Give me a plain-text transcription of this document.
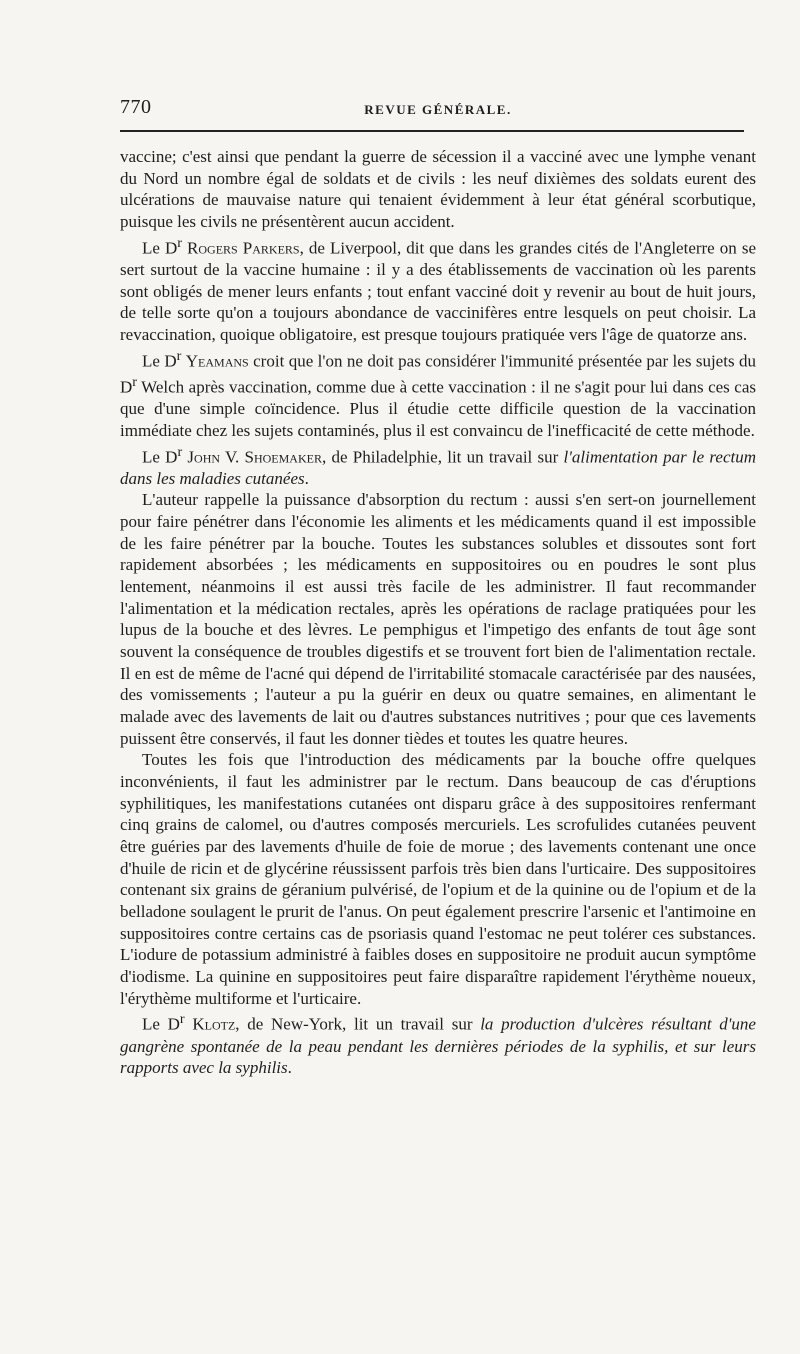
770	REVUE GÉNÉRALE.

vaccine; c'est ainsi que pendant la guerre de sécession il a vacciné avec une lymphe venant du Nord un nombre égal de soldats et de civils : les neuf dixièmes des soldats eurent des ulcérations de mauvaise nature qui tenaient évidemment à leur état général scorbutique, puisque les civils ne présentèrent aucun accident.

Le $D^r$ Rogers Parkers, de Liverpool, dit que dans les grandes cités de l'Angleterre on se sert surtout de la vaccine humaine : il y a des établissements de vaccination où les parents sont obligés de mener leurs enfants ; tout enfant vacciné doit y revenir au bout de huit jours, de telle sorte qu'on a toujours abondance de vaccinifères entre lesquels on peut choisir. La revaccination, quoique obligatoire, est presque toujours pratiquée vers l'âge de quatorze ans.

Le $D^r$ Yeamans croit que l'on ne doit pas considérer l'immunité présentée par les sujets du $D^r$ Welch après vaccination, comme due à cette vaccination : il ne s'agit pour lui dans ces cas que d'une simple coïncidence. Plus il étudie cette difficile question de la vaccination immédiate chez les sujets contaminés, plus il est convaincu de l'inefficacité de cette méthode.

Le $D^r$ John V. Shoemaker, de Philadelphie, lit un travail sur l'alimentation par le rectum dans les maladies cutanées.

L'auteur rappelle la puissance d'absorption du rectum : aussi s'en sert-on journellement pour faire pénétrer dans l'économie les aliments et les médicaments quand il est impossible de les faire pénétrer par la bouche. Toutes les substances solubles et dissoutes sont fort rapidement absorbées ; les médicaments en suppositoires ou en poudres le sont plus lentement, néanmoins il est aussi très facile de les administrer. Il faut recommander l'alimentation et la médication rectales, après les opérations de raclage pratiquées pour les lupus de la bouche et des lèvres. Le pemphigus et l'impetigo des enfants de tout âge sont souvent la conséquence de troubles digestifs et se trouvent fort bien de l'alimentation rectale. Il en est de même de l'acné qui dépend de l'irritabilité stomacale caractérisée par des nausées, des vomissements ; l'auteur a pu la guérir en deux ou quatre semaines, en alimentant le malade avec des lavements de lait ou d'autres substances nutritives ; pour que ces lavements puissent être conservés, il faut les donner tièdes et toutes les quatre heures.

Toutes les fois que l'introduction des médicaments par la bouche offre quelques inconvénients, il faut les administrer par le rectum. Dans beaucoup de cas d'éruptions syphilitiques, les manifestations cutanées ont disparu grâce à des suppositoires renfermant cinq grains de calomel, ou d'autres composés mercuriels. Les scrofulides cutanées peuvent être guéries par des lavements d'huile de foie de morue ; des lavements contenant une once d'huile de ricin et de glycérine réussissent parfois très bien dans l'urticaire. Des suppositoires contenant six grains de géranium pulvérisé, de l'opium et de la quinine ou de l'opium et de la belladone soulagent le prurit de l'anus. On peut également prescrire l'arsenic et l'antimoine en suppositoires contre certains cas de psoriasis quand l'estomac ne peut tolérer ces substances. L'iodure de potassium administré à faibles doses en suppositoire ne produit aucun symptôme d'iodisme. La quinine en suppositoires peut faire disparaître rapidement l'érythème noueux, l'érythème multiforme et l'urticaire.

Le $D^r$ Klotz, de New-York, lit un travail sur la production d'ulcères résultant d'une gangrène spontanée de la peau pendant les dernières périodes de la syphilis, et sur leurs rapports avec la syphilis.
